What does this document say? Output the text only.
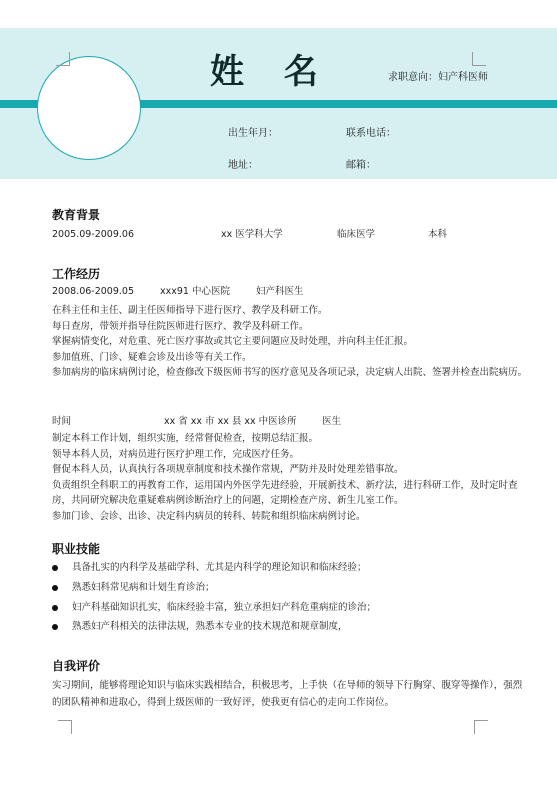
姓 名	求职意向：妇产科医师
出生年月：	联系电话：
地址：	邮箱：
教育背景
2005.09-2009.06	xx 医学科大学	临床医学	本科
工作经历
2008.06-2009.05	xxx91 中心医院	妇产科医生
在科主任和主任、副主任医师指导下进行医疗、教学及科研工作。
每日查房，带领并指导住院医师进行医疗、教学及科研工作。
掌握病情变化，对危重、死亡医疗事故或其它主要问题应及时处理，并向科主任汇报。
参加值班、门诊、疑难会诊及出诊等有关工作。
参加病房的临床病例讨论，检查修改下级医师书写的医疗意见及各项记录，决定病人出院、签署并检查出院病历。
时间	xx 省 xx 市 xx 县 xx 中医诊所	医生
制定本科工作计划，组织实施，经常督促检查，按期总结汇报。
领导本科人员，对病员进行医疗护理工作，完成医疗任务。
督促本科人员，认真执行各项规章制度和技术操作常规，严防并及时处理差错事故。
负责组织全科职工的再教育工作，运用国内外医学先进经验，开展新技术、新疗法，进行科研工作，及时定时查房，共同研究解决危重疑难病例诊断治疗上的问题，定期检查产房、新生儿室工作。
参加门诊、会诊、出诊、决定科内病员的转科、转院和组织临床病例讨论。
职业技能
具备扎实的内科学及基础学科、尤其是内科学的理论知识和临床经验；
熟悉妇科常见病和计划生育诊治；
妇产科基础知识扎实，临床经验丰富，独立承担妇产科危重病症的诊治；
熟悉妇产科相关的法律法规，熟悉本专业的技术规范和规章制度，
自我评价
实习期间，能够将理论知识与临床实践相结合，积极思考，上手快（在导师的领导下行胸穿、腹穿等操作），强烈的团队精神和进取心，得到上级医师的一致好评，使我更有信心的走向工作岗位。
